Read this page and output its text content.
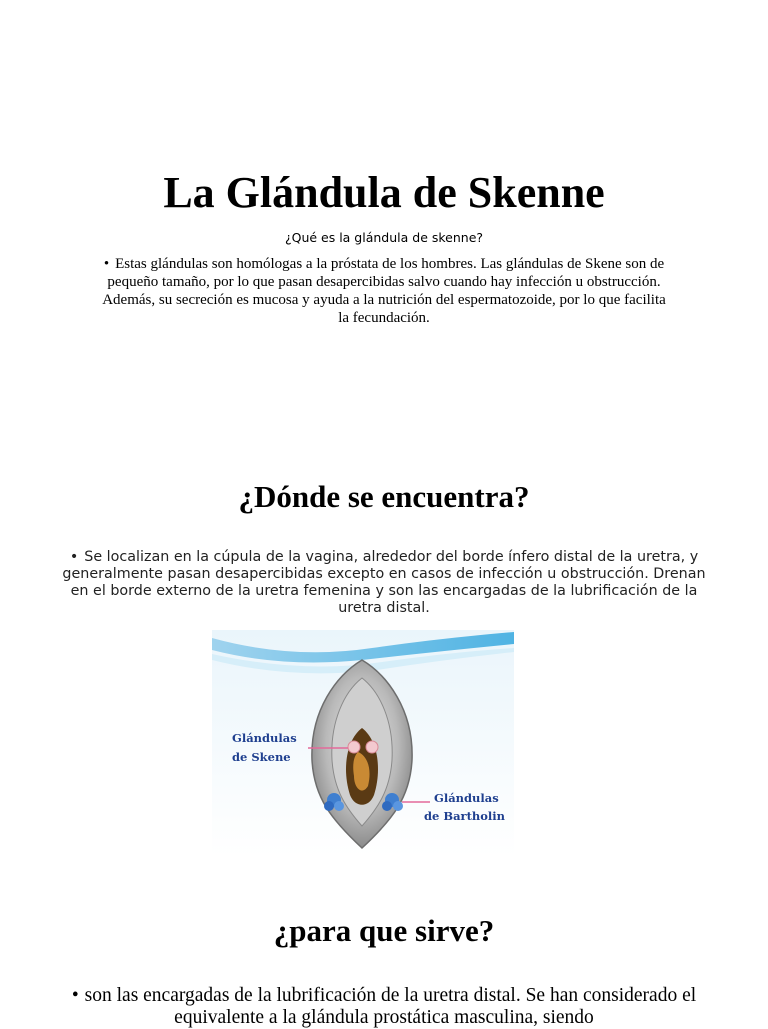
La Glándula de Skenne

¿Qué es la glándula de skenne?

• Estas glándulas son homólogas a la próstata de los hombres. Las glándulas de Skene son de pequeño tamaño, por lo que pasan desapercibidas salvo cuando hay infección u obstrucción. Además, su secreción es mucosa y ayuda a la nutrición del espermatozoide, por lo que facilita la fecundación.

¿Dónde se encuentra?

• Se localizan en la cúpula de la vagina, alrededor del borde ínfero distal de la uretra, y generalmente pasan desapercibidas excepto en casos de infección u obstrucción. Drenan en el borde externo de la uretra femenina y son las encargadas de la lubrificación de la uretra distal.

Glándulas
de Skene
Glándulas
de Bartholin
¿para que sirve?

• son las encargadas de la lubrificación de la uretra distal. Se han considerado el equivalente a la glándula prostática masculina, siendo
